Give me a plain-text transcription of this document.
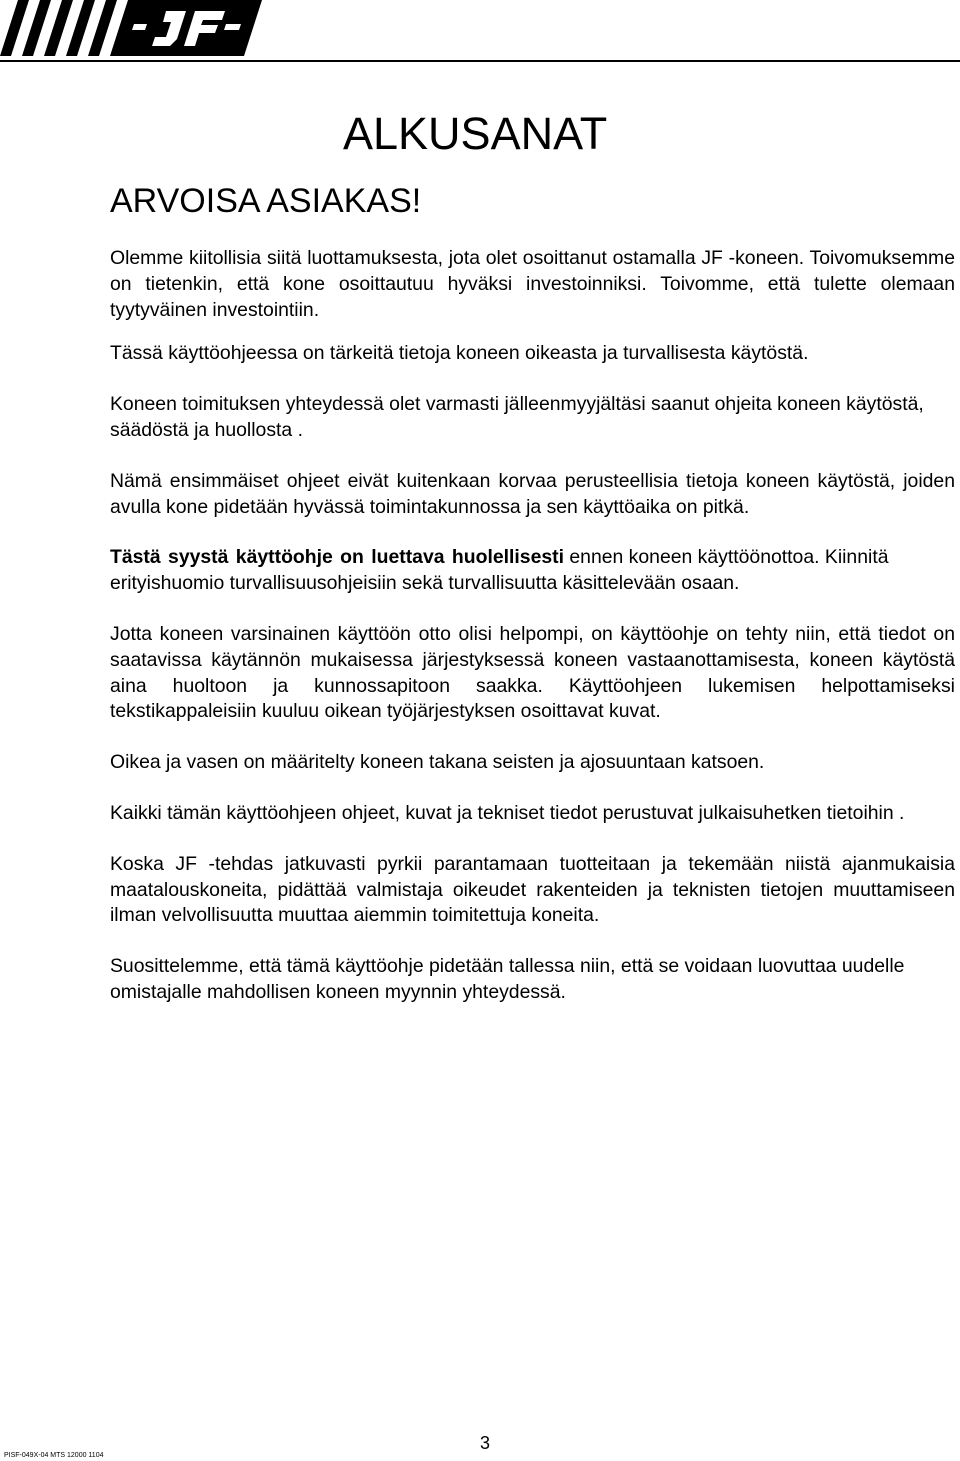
ALKUSANAT
ARVOISA ASIAKAS!

Olemme kiitollisia siitä luottamuksesta, jota olet osoittanut ostamalla JF -koneen. Toivomuksemme on tietenkin, että kone osoittautuu hyväksi investoinniksi. Toivomme, että tulette olemaan tyytyväinen investointiin.

Tässä käyttöohjeessa on tärkeitä tietoja koneen oikeasta ja turvallisesta käytöstä.

Koneen toimituksen yhteydessä olet varmasti jälleenmyyjältäsi saanut ohjeita koneen käytöstä, säädöstä ja huollosta .

Nämä ensimmäiset ohjeet eivät kuitenkaan korvaa perusteellisia tietoja koneen käytöstä, joiden avulla kone pidetään hyvässä toimintakunnossa ja sen käyttöaika on pitkä.

Tästä syystä käyttöohje on luettava huolellisesti ennen koneen käyttöönottoa. Kiinnitä erityishuomio turvallisuusohjeisiin sekä turvallisuutta käsittelevään osaan.

Jotta koneen varsinainen käyttöön otto olisi helpompi, on käyttöohje on tehty niin, että tiedot on saatavissa käytännön mukaisessa järjestyksessä koneen vastaanottamisesta, koneen käytöstä aina huoltoon ja kunnossapitoon saakka. Käyttöohjeen lukemisen helpottamiseksi tekstikappaleisiin kuuluu oikean työjärjestyksen osoittavat kuvat.

Oikea ja vasen on määritelty koneen takana seisten ja ajosuuntaan katsoen.

Kaikki tämän käyttöohjeen ohjeet, kuvat ja tekniset tiedot perustuvat julkaisuhetken tietoihin .

Koska JF -tehdas jatkuvasti pyrkii parantamaan tuotteitaan ja tekemään niistä ajanmukaisia maatalouskoneita, pidättää valmistaja oikeudet rakenteiden ja teknisten tietojen muuttamiseen ilman velvollisuutta muuttaa aiemmin toimitettuja koneita.

Suosittelemme, että tämä käyttöohje pidetään tallessa niin, että se voidaan luovuttaa uudelle omistajalle mahdollisen koneen myynnin yhteydessä.

3
PISF-049X-04 MTS 12000 1104
